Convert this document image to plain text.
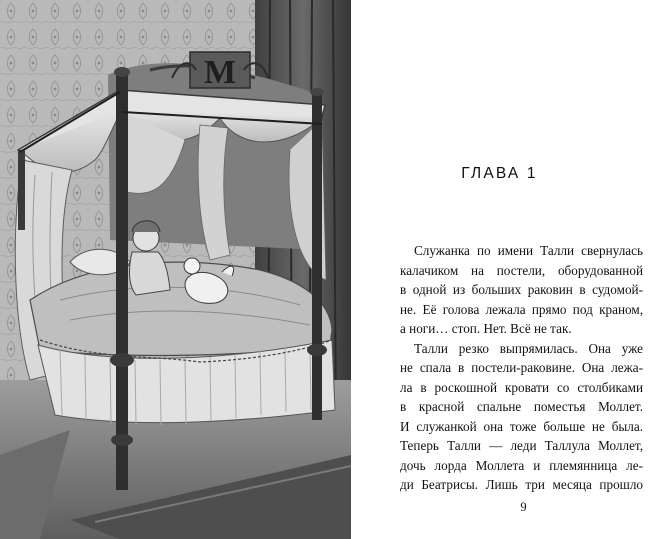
M
ГЛАВА 1

Служанка по имени Талли свернулась
калачиком на постели, оборудованной
в одной из больших раковин в судомой-
не. Её голова лежала прямо под краном,
а ноги… стоп. Нет. Всё не так.

Талли резко выпрямилась. Она уже
не спала в постели-раковине. Она лежа-
ла в роскошной кровати со столбиками
в красной спальне поместья Моллет.
И служанкой она тоже больше не была.
Теперь Талли — леди Таллула Моллет,
дочь лорда Моллета и племянница ле-
ди Беатрисы. Лишь три месяца прошло

9
